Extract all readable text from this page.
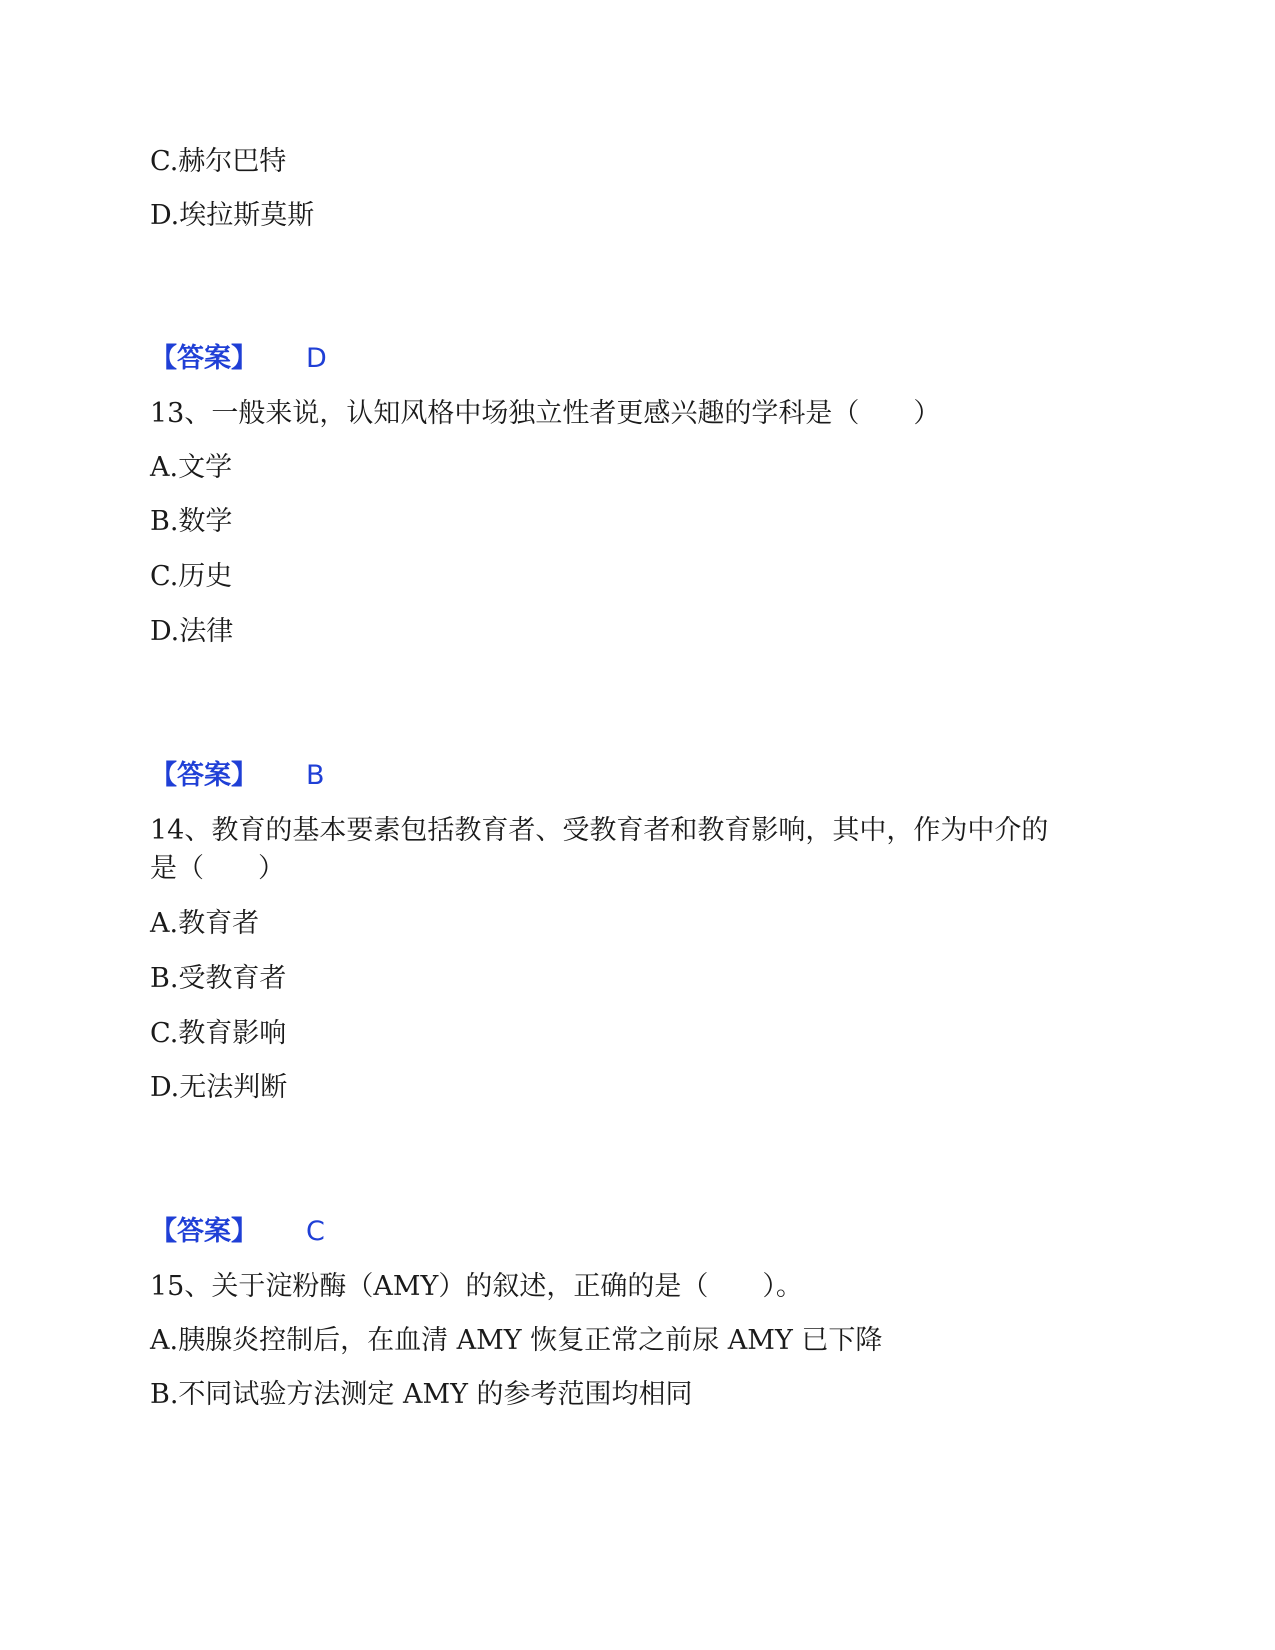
C.赫尔巴特
D.埃拉斯莫斯
【答案】 D
13、一般来说，认知风格中场独立性者更感兴趣的学科是（　　）
A.文学
B.数学
C.历史
D.法律
【答案】 B
14、教育的基本要素包括教育者、受教育者和教育影响，其中，作为中介的
是（　　）
A.教育者
B.受教育者
C.教育影响
D.无法判断
【答案】 C
15、关于淀粉酶（AMY）的叙述，正确的是（　　）。
A.胰腺炎控制后，在血清 AMY 恢复正常之前尿 AMY 已下降
B.不同试验方法测定 AMY 的参考范围均相同
